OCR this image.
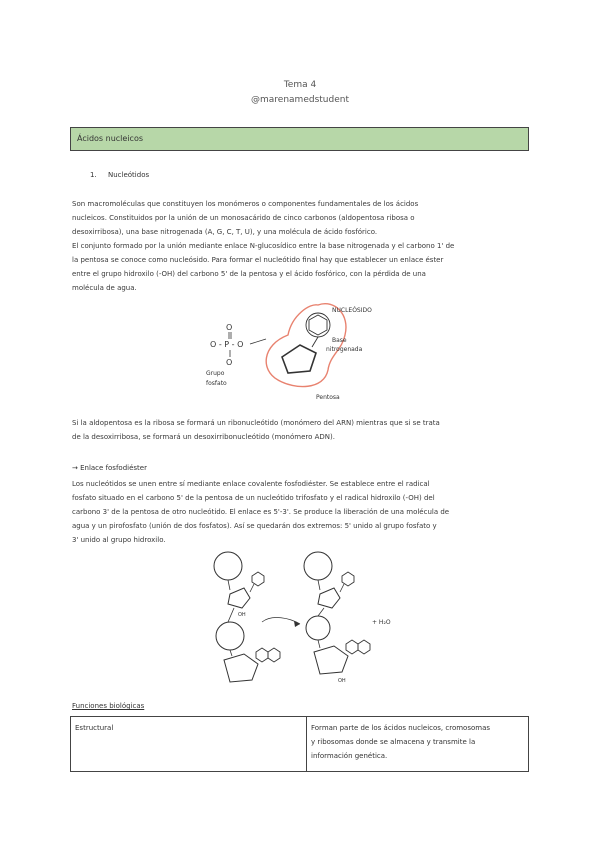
Tema 4
@marenamedstudent
Ácidos nucleicos
1. Nucleótidos
Son macromoléculas que constituyen los monómeros o componentes fundamentales de los ácidos
nucleicos. Constituidos por la unión de un monosacárido de cinco carbonos (aldopentosa ribosa o
desoxirribosa), una base nitrogenada (A, G, C, T, U), y una molécula de ácido fosfórico.
El conjunto formado por la unión mediante enlace N-glucosídico entre la base nitrogenada y el carbono 1' de
la pentosa se conoce como nucleósido. Para formar el nucleótido final hay que establecer un enlace éster
entre el grupo hidroxilo (-OH) del carbono 5' de la pentosa y el ácido fosfórico, con la pérdida de una
molécula de agua.
O - P - O
O
O
NUCLEÓSIDO
Base
nitrogenada
Grupo
fosfato
Pentosa
Si la aldopentosa es la ribosa se formará un ribonucleótido (monómero del ARN) mientras que si se trata
de la desoxirribosa, se formará un desoxirribonucleótido (monómero ADN).
→ Enlace fosfodiéster
Los nucleótidos se unen entre sí mediante enlace covalente fosfodiéster. Se establece entre el radical
fosfato situado en el carbono 5' de la pentosa de un nucleótido trifosfato y el radical hidroxilo (-OH) del
carbono 3' de la pentosa de otro nucleótido. El enlace es 5'-3'. Se produce la liberación de una molécula de
agua y un pirofosfato (unión de dos fosfatos). Así se quedarán dos extremos: 5' unido al grupo fosfato y
3' unido al grupo hidroxilo.
OH
OH
+ H₂O
Funciones biológicas
Estructural	Forman parte de los ácidos nucleicos, cromosomas
y ribosomas donde se almacena y transmite la
información genética.
